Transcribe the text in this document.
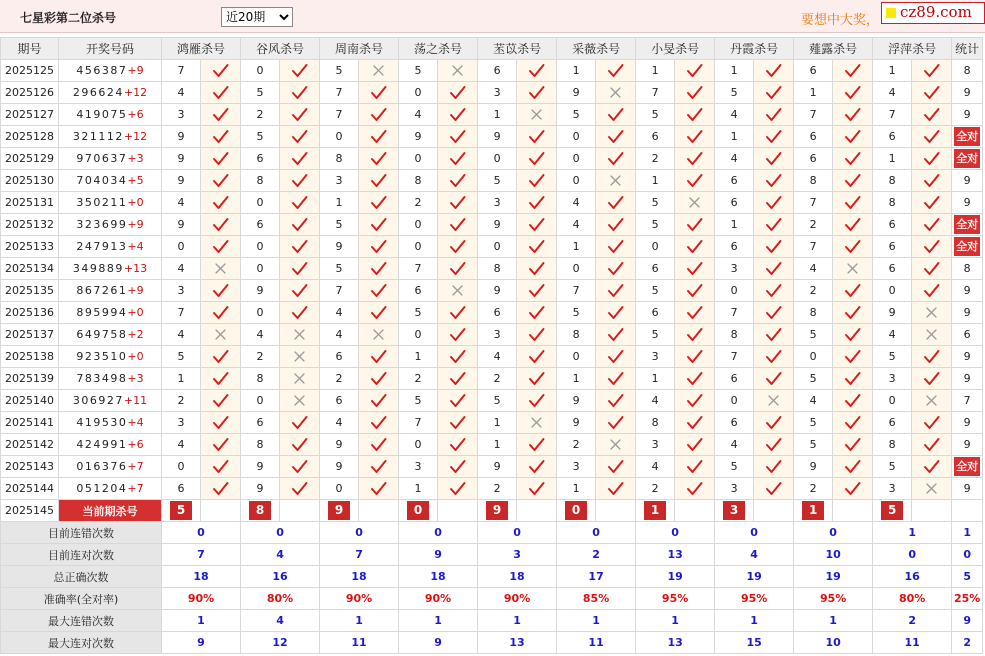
七星彩第二位杀号
近20期	要想中大奖，	cz89.com
期号	开奖号码	鸿雁杀号		谷风杀号		周南杀号		荡之杀号		苤苡杀号		采薇杀号		小旻杀号		丹霞杀号		薤露杀号		浮萍杀号		统计
2025125	456387+9	7		0		5		5		6		1		1		1		6		1		8
2025126	296624+12	4		5		7		0		3		9		7		5		1		4		9
2025127	419075+6	3		2		7		4		1		5		5		4		7		7		9
2025128	321112+12	9		5		0		9		9		0		6		1		6		6		全对
2025129	970637+3	9		6		8		0		0		0		2		4		6		1		全对
2025130	704034+5	9		8		3		8		5		0		1		6		8		8		9
2025131	350211+0	4		0		1		2		3		4		5		6		7		8		9
2025132	323699+9	9		6		5		0		9		4		5		1		2		6		全对
2025133	247913+4	0		0		9		0		0		1		0		6		7		6		全对
2025134	349889+13	4		0		5		7		8		0		6		3		4		6		8
2025135	867261+9	3		9		7		6		9		7		5		0		2		0		9
2025136	895994+0	7		0		4		5		6		5		6		7		8		9		9
2025137	649758+2	4		4		4		0		3		8		5		8		5		4		6
2025138	923510+0	5		2		6		1		4		0		3		7		0		5		9
2025139	783498+3	1		8		2		2		2		1		1		6		5		3		9
2025140	306927+11	2		0		6		5		5		9		4		0		4		0		7
2025141	419530+4	3		6		4		7		1		9		8		6		5		6		9
2025142	424991+6	4		8		9		0		1		2		3		4		5		8		9
2025143	016376+7	0		9		9		3		9		3		4		5		9		5		全对
2025144	051204+7	6		9		0		1		2		1		2		3		2		3		9
2025145	当前期杀号	5		8		9		0		9		0		1		3		1		5		
目前连错次数		0		0		0		0		0		0		0		0		0		1		1
目前连对次数		7		4		7		9		3		2		13		4		10		0		0
总正确次数		18		16		18		18		18		17		19		19		19		16		5
准确率(全对率)		90%		80%		90%		90%		90%		85%		95%		95%		95%		80%		25%
最大连错次数		1		4		1		1		1		1		1		1		1		2		9
最大连对次数		9		12		11		9		13		11		13		15		10		11		2
